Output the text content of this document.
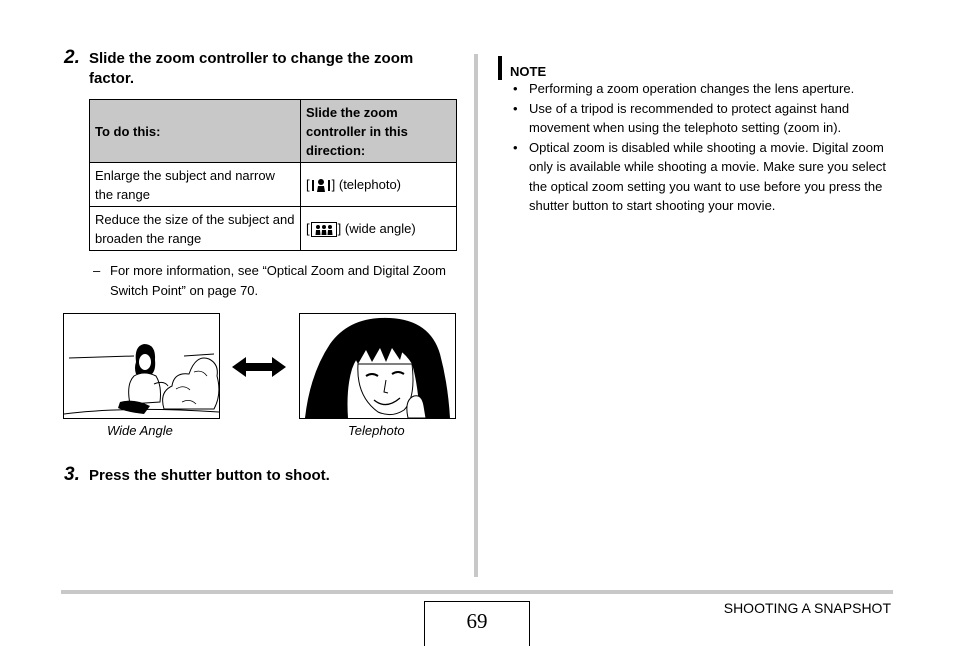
2. Slide the zoom controller to change the zoom factor.
To do this:	Slide the zoom controller in this direction:
Enlarge the subject and narrow the range	[ ] (telephoto)
Reduce the size of the subject and broaden the range	[ ] (wide angle)
– For more information, see “Optical Zoom and Digital Zoom Switch Point” on page 70.
Wide Angle	Telephoto
3. Press the shutter button to shoot.
NOTE
• Performing a zoom operation changes the lens aperture.
• Use of a tripod is recommended to protect against hand movement when using the telephoto setting (zoom in).
• Optical zoom is disabled while shooting a movie. Digital zoom only is available while shooting a movie. Make sure you select the optical zoom setting you want to use before you press the shutter button to start shooting your movie.
69
SHOOTING A SNAPSHOT
